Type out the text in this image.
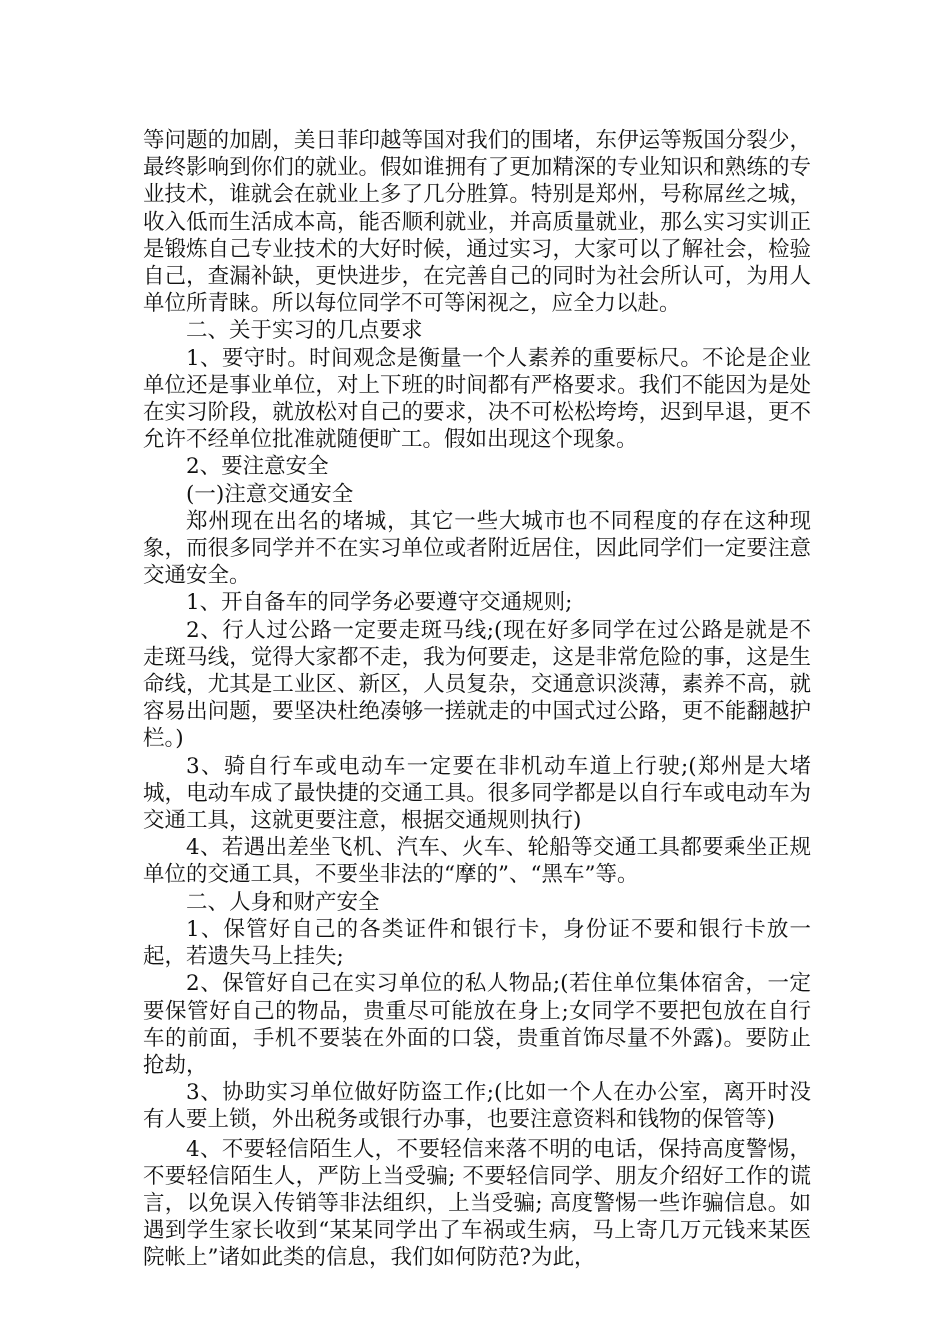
等问题的加剧，美日菲印越等国对我们的围堵，东伊运等叛国分裂少，最终影响到你们的就业。假如谁拥有了更加精深的专业知识和熟练的专业技术，谁就会在就业上多了几分胜算。特别是郑州，号称屌丝之城，收入低而生活成本高，能否顺利就业，并高质量就业，那么实习实训正是锻炼自己专业技术的大好时候，通过实习，大家可以了解社会，检验自己，查漏补缺，更快进步，在完善自己的同时为社会所认可，为用人单位所青睐。所以每位同学不可等闲视之，应全力以赴。

二、关于实习的几点要求

1、要守时。时间观念是衡量一个人素养的重要标尺。不论是企业单位还是事业单位，对上下班的时间都有严格要求。我们不能因为是处在实习阶段，就放松对自己的要求，决不可松松垮垮，迟到早退，更不允许不经单位批准就随便旷工。假如出现这个现象。

2、要注意安全

(一)注意交通安全

郑州现在出名的堵城，其它一些大城市也不同程度的存在这种现象，而很多同学并不在实习单位或者附近居住，因此同学们一定要注意交通安全。

1、开自备车的同学务必要遵守交通规则;

2、行人过公路一定要走斑马线;(现在好多同学在过公路是就是不走斑马线，觉得大家都不走，我为何要走，这是非常危险的事，这是生命线，尤其是工业区、新区，人员复杂，交通意识淡薄，素养不高，就容易出问题，要坚决杜绝凑够一搓就走的中国式过公路，更不能翻越护栏。)

3、骑自行车或电动车一定要在非机动车道上行驶;(郑州是大堵城，电动车成了最快捷的交通工具。很多同学都是以自行车或电动车为交通工具，这就更要注意，根据交通规则执行)

4、若遇出差坐飞机、汽车、火车、轮船等交通工具都要乘坐正规单位的交通工具，不要坐非法的“摩的”、“黑车”等。

二、人身和财产安全

1、保管好自己的各类证件和银行卡，身份证不要和银行卡放一起，若遗失马上挂失;

2、保管好自己在实习单位的私人物品;(若住单位集体宿舍，一定要保管好自己的物品，贵重尽可能放在身上;女同学不要把包放在自行车的前面，手机不要装在外面的口袋，贵重首饰尽量不外露)。要防止抢劫，

3、协助实习单位做好防盗工作;(比如一个人在办公室，离开时没有人要上锁，外出税务或银行办事，也要注意资料和钱物的保管等)

4、不要轻信陌生人，不要轻信来落不明的电话，保持高度警惕，不要轻信陌生人，严防上当受骗; 不要轻信同学、朋友介绍好工作的谎言，以免误入传销等非法组织，上当受骗; 高度警惕一些诈骗信息。如遇到学生家长收到“某某同学出了车祸或生病，马上寄几万元钱来某医院帐上”诸如此类的信息，我们如何防范?为此，
